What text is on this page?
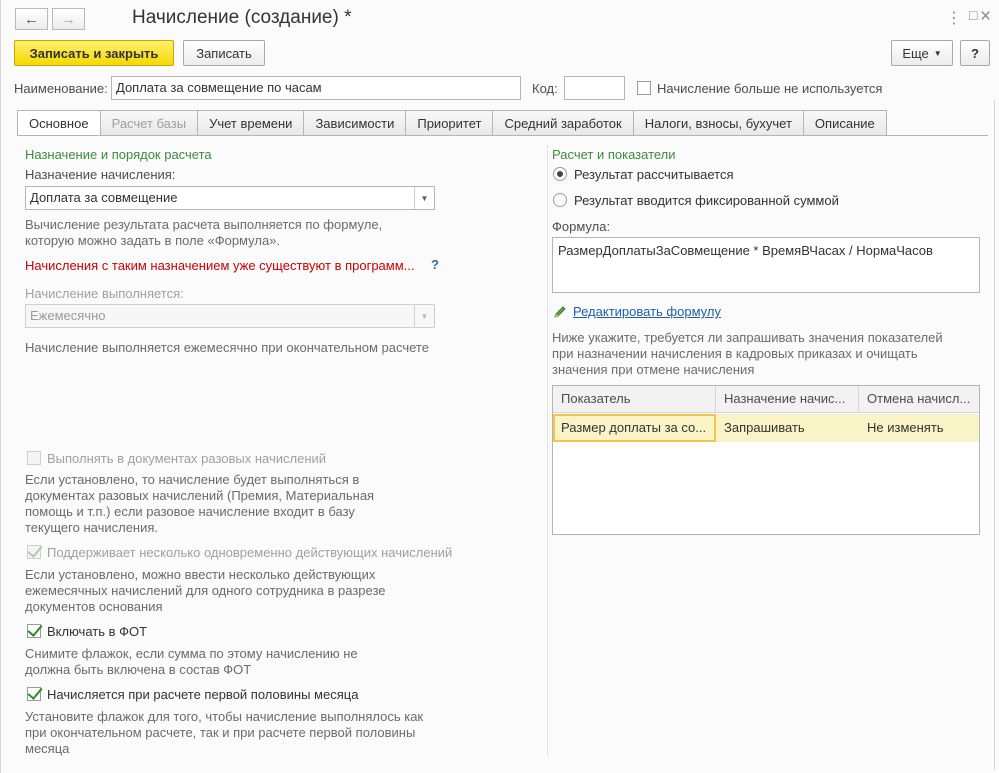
← →	Начисление (создание) *	⋮ □ ×
Записать и закрыть	Записать	Еще ▼	?
Наименование: Доплата за совмещение по часам	Код:	Начисление больше не используется
Основное	Расчет базы	Учет времени	Зависимости	Приоритет	Средний заработок	Налоги, взносы, бухучет	Описание
Назначение и порядок расчета
Назначение начисления:
Доплата за совмещение	▼
Вычисление результата расчета выполняется по формуле,
которую можно задать в поле «Формула».
Начисления с таким назначением уже существуют в программ... ?
Начисление выполняется:
Ежемесячно	▼
Начисление выполняется ежемесячно при окончательном расчете
Выполнять в документах разовых начислений
Если установлено, то начисление будет выполняться в
документах разовых начислений (Премия, Материальная
помощь и т.п.) если разовое начисление входит в базу
текущего начисления.
Поддерживает несколько одновременно действующих начислений
Если установлено, можно ввести несколько действующих
ежемесячных начислений для одного сотрудника в разрезе
документов основания
Включать в ФОТ
Снимите флажок, если сумма по этому начислению не
должна быть включена в состав ФОТ
Начисляется при расчете первой половины месяца
Установите флажок для того, чтобы начисление выполнялось как
при окончательном расчете, так и при расчете первой половины
месяца
Расчет и показатели
Результат рассчитывается
Результат вводится фиксированной суммой
Формула:
РазмерДоплатыЗаСовмещение * ВремяВЧасах / НормаЧасов
Редактировать формулу
Ниже укажите, требуется ли запрашивать значения показателей
при назначении начисления в кадровых приказах и очищать
значения при отмене начисления
Показатель	Назначение начис...	Отмена начисл...
Размер доплаты за со...	Запрашивать	Не изменять
